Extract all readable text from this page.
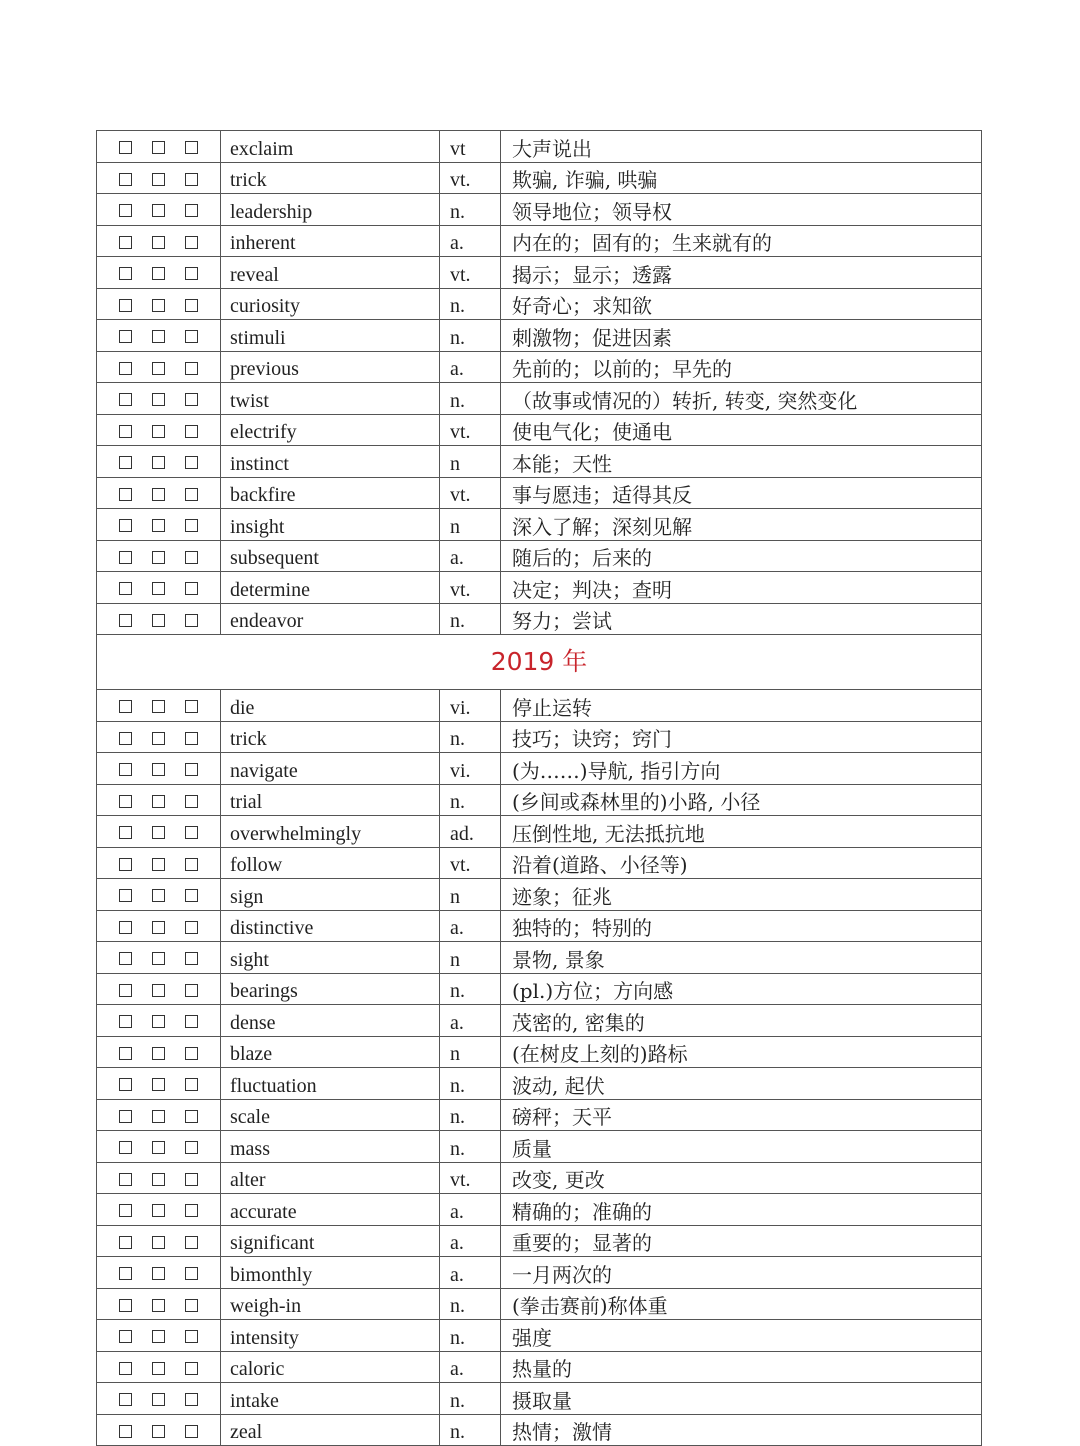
	exclaim	vt	大声说出
	trick	vt.	欺骗, 诈骗, 哄骗
	leadership	n.	领导地位；领导权
	inherent	a.	内在的；固有的；生来就有的
	reveal	vt.	揭示；显示；透露
	curiosity	n.	好奇心；求知欲
	stimuli	n.	刺激物；促进因素
	previous	a.	先前的；以前的；早先的
	twist	n.	（故事或情况的）转折, 转变, 突然变化
	electrify	vt.	使电气化；使通电
	instinct	n	本能；天性
	backfire	vt.	事与愿违；适得其反
	insight	n	深入了解；深刻见解
	subsequent	a.	随后的；后来的
	determine	vt.	决定；判决；查明
	endeavor	n.	努力；尝试
2019 年			
	die	vi.	停止运转
	trick	n.	技巧；诀窍；窍门
	navigate	vi.	(为……)导航, 指引方向
	trial	n.	(乡间或森林里的)小路, 小径
	overwhelmingly	ad.	压倒性地, 无法抵抗地
	follow	vt.	沿着(道路、小径等)
	sign	n	迹象；征兆
	distinctive	a.	独特的；特别的
	sight	n	景物, 景象
	bearings	n.	(pl.)方位；方向感
	dense	a.	茂密的, 密集的
	blaze	n	(在树皮上刻的)路标
	fluctuation	n.	波动, 起伏
	scale	n.	磅秤；天平
	mass	n.	质量
	alter	vt.	改变, 更改
	accurate	a.	精确的；准确的
	significant	a.	重要的；显著的
	bimonthly	a.	一月两次的
	weigh-in	n.	(拳击赛前)称体重
	intensity	n.	强度
	caloric	a.	热量的
	intake	n.	摄取量
	zeal	n.	热情；激情
